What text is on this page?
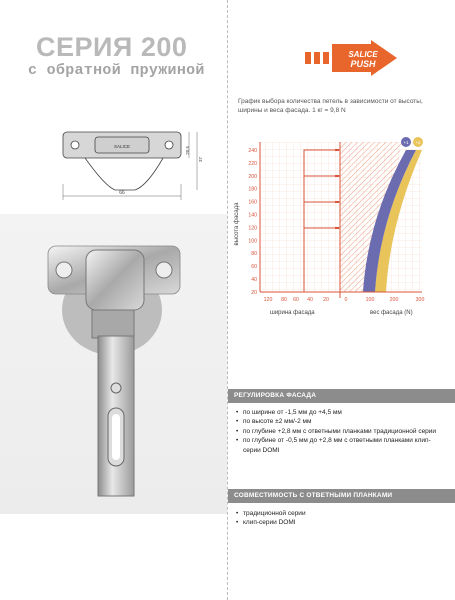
СЕРИЯ 200
с обратной пружиной
SALICE
PUSH
SALICE
66
20,5
37
График выбора количества петель в зависимости от высоты, ширины и веса фасада. 1 кг = 9,8 N
+1 +2
высота фасада
ширина фасада	вес фасада (N)
240
220
200
180
160
140
120
100
80
60
40
20
120 80 60 40 20	0	100	200	300
РЕГУЛИРОВКА ФАСАДА
• по ширине от -1,5 мм до +4,5 мм
• по высоте ±2 мм/-2 мм
• по глубине +2,8 мм с ответными планками традиционной серии
• по глубине от -0,5 мм до +2,8 мм с ответными планками клип-серии DOMI
СОВМЕСТИМОСТЬ С ОТВЕТНЫМИ ПЛАНКАМИ
• традиционной серии
• клип-серии DOMI
